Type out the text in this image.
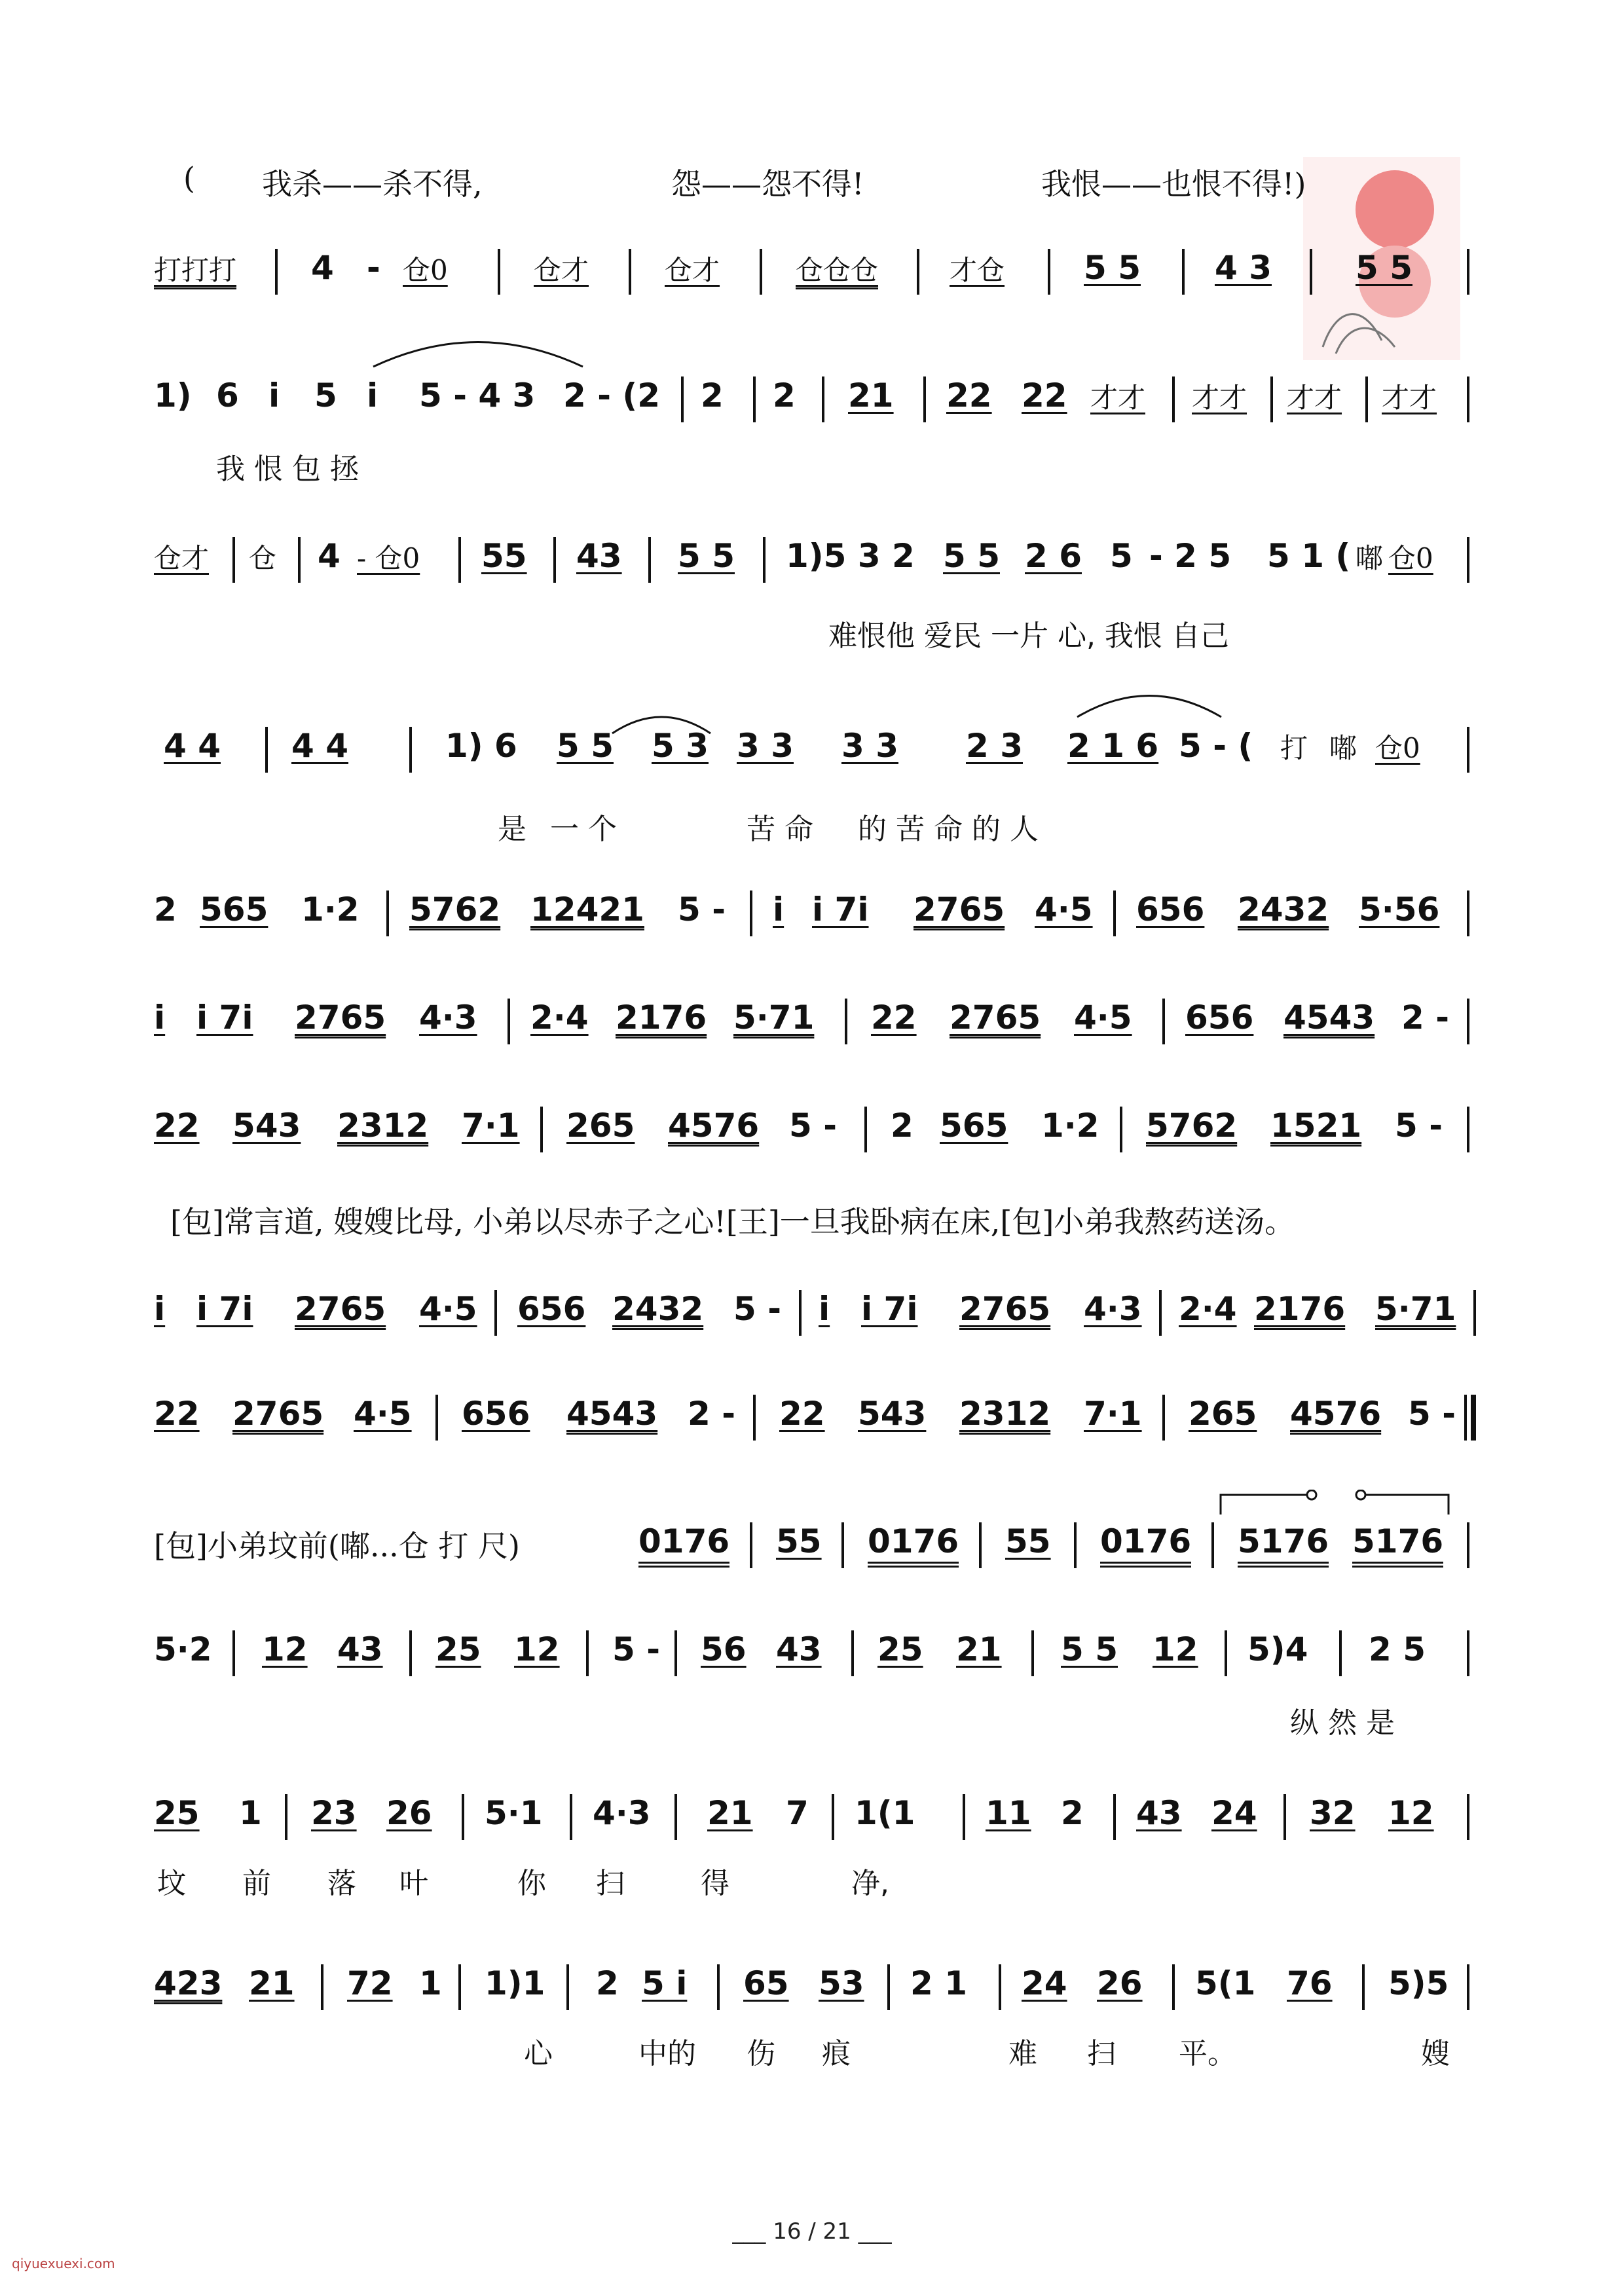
( 我杀——杀不得,	怨——怨不得!	我恨——也恨不得!)
打打打 4 - 仓0	仓才	仓才	仓仓仓	才仓 5 5 4 3	5 5
1) 6 i 5 i 5 - 4 3 2 - (2 2 2 21 22 22 才才 才才 才才 才才
我 恨 包 拯
仓才 仓 4 - 仓0 55 43 5 5 1)5 3 2 5 5 2 6 5 - 2 5 5 1 ( 嘟 仓0
难恨他 爱民 一片 心, 我恨 自己
4 4 4 4	1) 6 5 5 5 3 3 3 3 3 2 3 2 1 6 5 - ( 打 嘟 仓0
是 一 个	苦 命 的 苦 命 的 人
2 565 1·2 5762 12421 5 - i i 7i 2765 4·5 656 2432 5·56
i i 7i 2765 4·3 2·4 2176 5·71 22 2765 4·5 656 4543 2 -
22 543 2312 7·1 265 4576 5 - 2 565 1·2 5762 1521 5 -
[包]常言道, 嫂嫂比母, 小弟以尽赤子之心![王]一旦我卧病在床,[包]小弟我熬药送汤。
i i 7i 2765 4·5 656 2432 5 - i i 7i 2765 4·3 2·4 2176 5·71
22 2765 4·5 656 4543 2 - 22 543 2312 7·1 265 4576 5 -
[包]小弟坟前(嘟...仓 打 尺)	0176 55 0176 55 0176 5176 5176
5·2 12 43 25 12 5 - 56 43 25 21 5 5 12 5)4 2 5
纵 然 是
25 1 23 26 5·1 4·3 21 7 1(1 11 2 43 24 32 12
坟 前 落 叶	你 扫	得	净,
423 21 72 1 1)1 2 5 i 65 53 2 1 24 26 5(1 76 5)5
心	中的 伤 痕	难 扫 平。	嫂
___ 16 / 21 ___
qiyuexuexi.com
